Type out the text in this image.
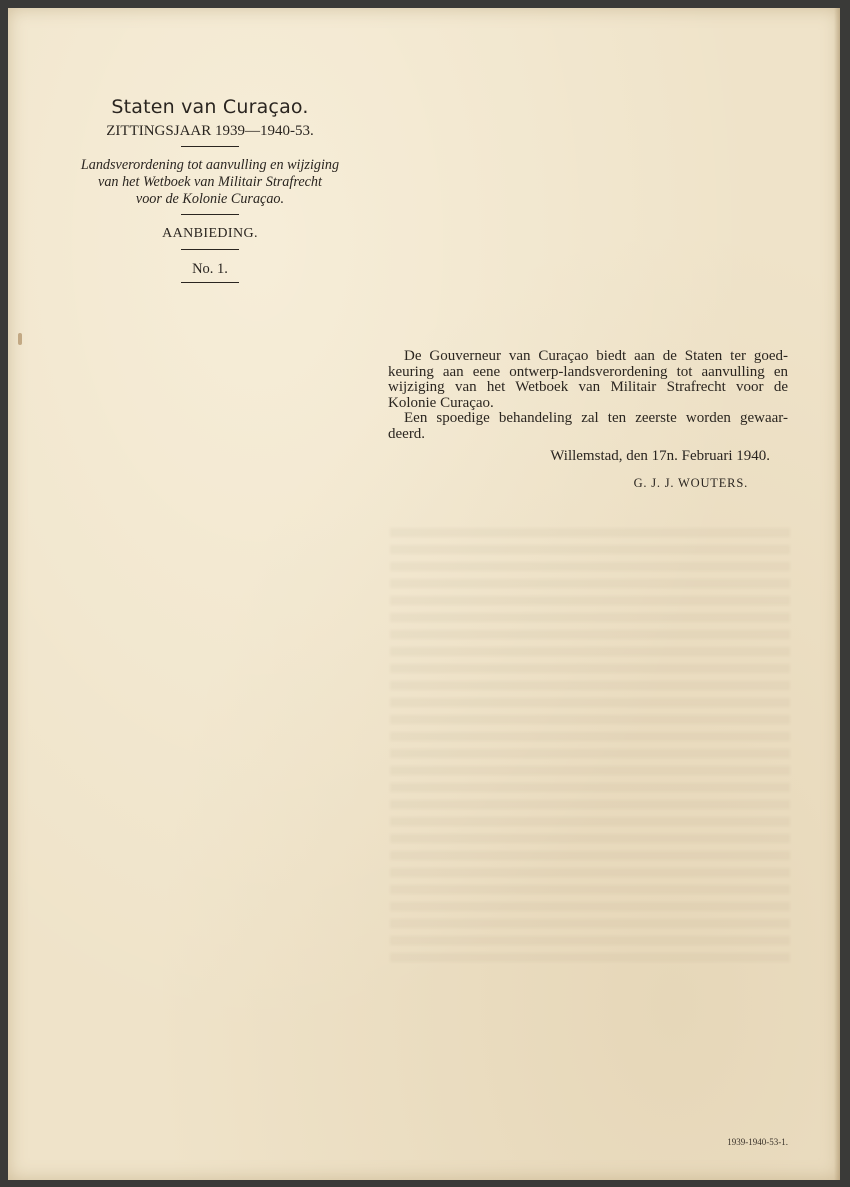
Staten van Curaçao.
ZITTINGSJAAR 1939—1940-53.
Landsverordening tot aanvulling en wijziging
van het Wetboek van Militair Strafrecht
voor de Kolonie Curaçao.
AANBIEDING.
No. 1.
De Gouverneur van Curaçao biedt aan de Staten ter goed-
keuring aan eene ontwerp-landsverordening tot aanvulling en
wijziging van het Wetboek van Militair Strafrecht voor de
Kolonie Curaçao.
Een spoedige behandeling zal ten zeerste worden gewaar-
deerd.
Willemstad, den 17n. Februari 1940.
G. J. J. WOUTERS.
1939-1940-53-1.
